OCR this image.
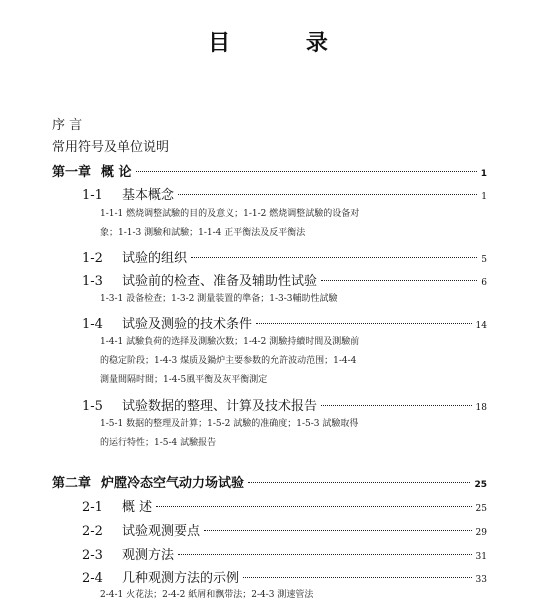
目 录
序 言
常用符号及单位说明
第一章 概 论	1
1-1	基本概念	1
1-1-1 燃烧调整試驗的目的及意义；1-1-2 燃烧调整試驗的设备对
象；1-1-3 測驗和試驗；1-1-4 正平衡法及反平衡法
1-2	试验的组织	5
1-3	试验前的检查、准备及辅助性试验	6
1-3-1 設备检查；1-3-2 測量装置的準备；1-3-3輔助性試驗
1-4	试验及测验的技术条件	14
1-4-1 試驗負荷的选择及測驗次数；1-4-2 測驗持續时間及測驗前
的稳定阶段；1-4-3 煤质及鍋炉主要参数的允許波动范围；1-4-4
測量間隔时間；1-4-5風平衡及灰平衡測定
1-5	试验数据的整理、计算及技术报告	18
1-5-1 数据的整理及計算；1-5-2 試驗的准确度；1-5-3 試驗取得
的运行特性；1-5-4 試驗报告
第二章 炉膛冷态空气动力场试验	25
2-1	概 述	25
2-2	试验观测要点	29
2-3	观测方法	31
2-4	几种观测方法的示例	33
2-4-1 火花法；2-4-2 紙屑和飘带法；2-4-3 測速管法
